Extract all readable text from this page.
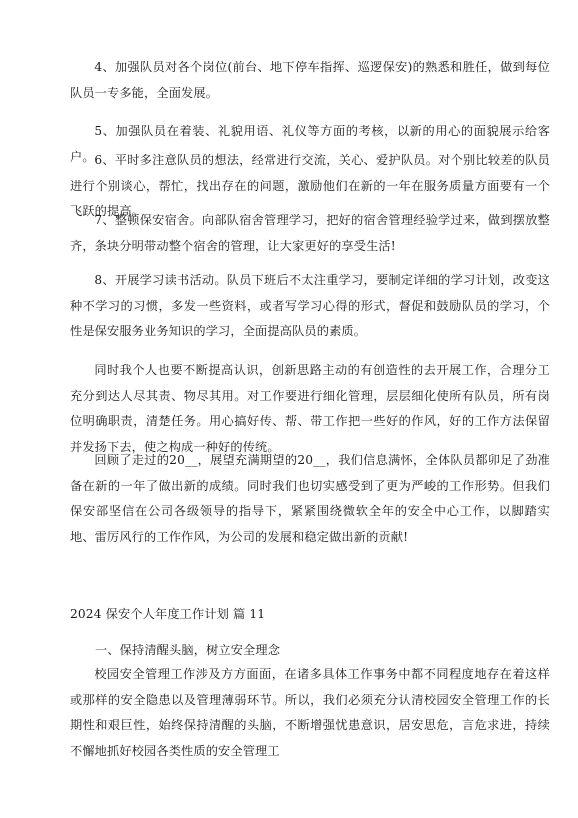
4、加强队员对各个岗位(前台、地下停车指挥、巡逻保安)的熟悉和胜任，做到每位队员一专多能，全面发展。

5、加强队员在着装、礼貌用语、礼仪等方面的考核，以新的用心的面貌展示给客户。 6、平时多注意队员的想法，经常进行交流，关心、爱护队员。对个别比较差的队员进行个别谈心，帮忙，找出存在的问题，激励他们在新的一年在服务质量方面要有一个飞跃的提高。

7、整顿保安宿舍。向部队宿舍管理学习，把好的宿舍管理经验学过来，做到摆放整齐，条块分明带动整个宿舍的管理，让大家更好的享受生活!

8、开展学习读书活动。队员下班后不太注重学习，要制定详细的学习计划，改变这种不学习的习惯，多发一些资料，或者写学习心得的形式，督促和鼓励队员的学习，个性是保安服务业务知识的学习，全面提高队员的素质。

同时我个人也要不断提高认识，创新思路主动的有创造性的去开展工作，合理分工充分到达人尽其责、物尽其用。对工作要进行细化管理，层层细化使所有队员，所有岗位明确职责，清楚任务。用心搞好传、帮、带工作把一些好的作风，好的工作方法保留并发扬下去，使之构成一种好的传统。

回顾了走过的20__，展望充满期望的20__，我们信息满怀，全体队员都卯足了劲准备在新的一年了做出新的成绩。同时我们也切实感受到了更为严峻的工作形势。但我们保安部坚信在公司各级领导的指导下，紧紧围绕微软全年的安全中心工作，以脚踏实地、雷厉风行的工作作风，为公司的发展和稳定做出新的贡献!

2024 保安个人年度工作计划 篇 11

一、保持清醒头脑，树立安全理念

校园安全管理工作涉及方方面面，在诸多具体工作事务中都不同程度地存在着这样或那样的安全隐患以及管理薄弱环节。所以，我们必须充分认清校园安全管理工作的长期性和艰巨性，始终保持清醒的头脑，不断增强忧患意识，居安思危，言危求进，持续不懈地抓好校园各类性质的安全管理工
